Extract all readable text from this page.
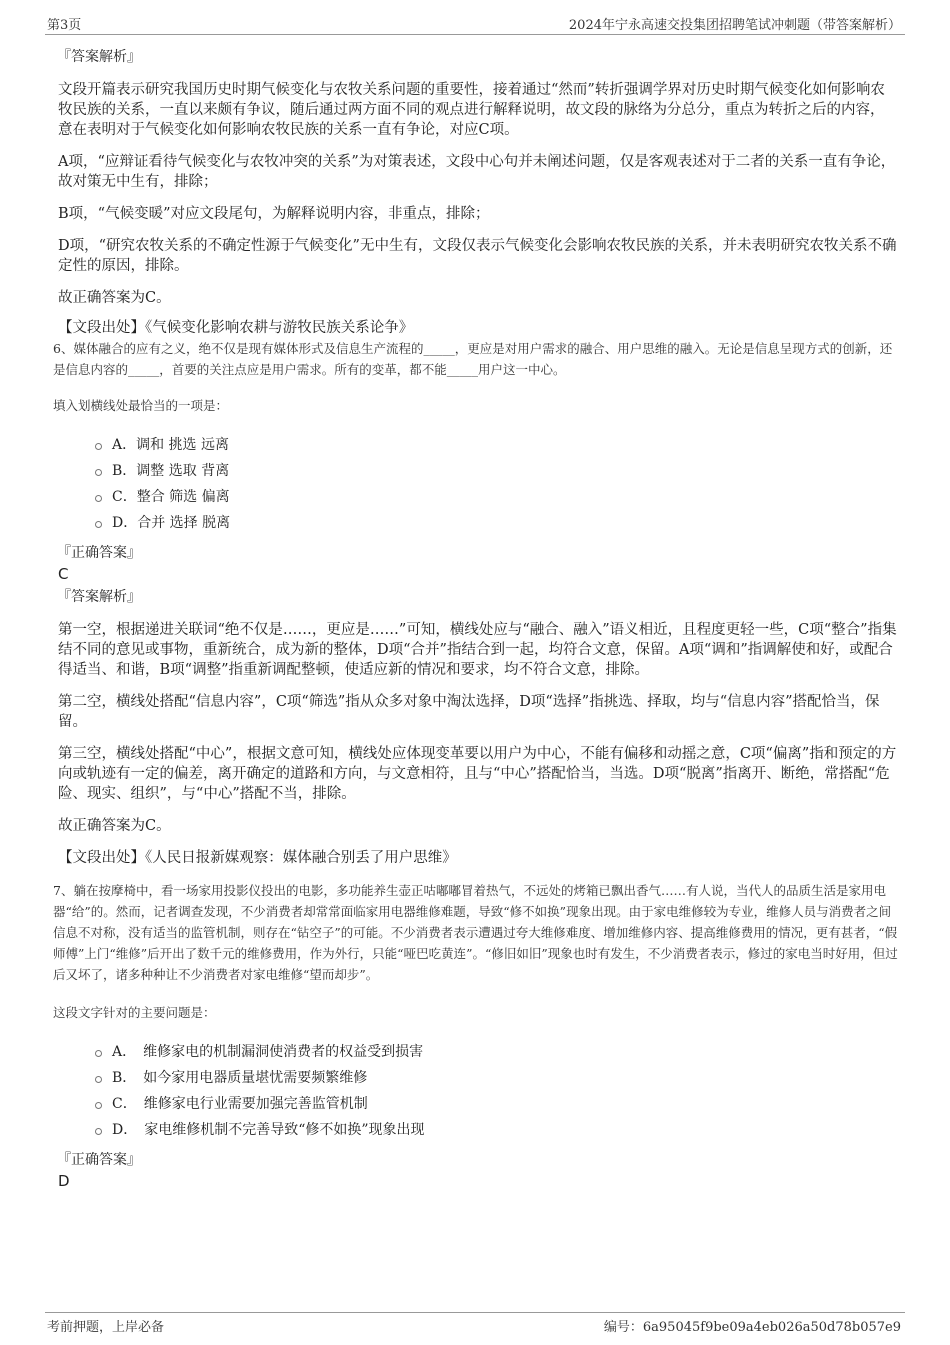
第3页	2024年宁永高速交投集团招聘笔试冲刺题（带答案解析）
『答案解析』

文段开篇表示研究我国历史时期气候变化与农牧关系问题的重要性，接着通过“然而”转折强调学界对历史时期气候变化如何影响农牧民族的关系，一直以来颇有争议，随后通过两方面不同的观点进行解释说明，故文段的脉络为分总分，重点为转折之后的内容，意在表明对于气候变化如何影响农牧民族的关系一直有争论，对应C项。

A项，“应辩证看待气候变化与农牧冲突的关系”为对策表述，文段中心句并未阐述问题，仅是客观表述对于二者的关系一直有争论，故对策无中生有，排除；

B项，“气候变暖”对应文段尾句，为解释说明内容，非重点，排除；

D项，“研究农牧关系的不确定性源于气候变化”无中生有，文段仅表示气候变化会影响农牧民族的关系，并未表明研究农牧关系不确定性的原因，排除。

故正确答案为C。

【文段出处】《气候变化影响农耕与游牧民族关系论争》

6、媒体融合的应有之义，绝不仅是现有媒体形式及信息生产流程的_____，更应是对用户需求的融合、用户思维的融入。无论是信息呈现方式的创新，还是信息内容的_____，首要的关注点应是用户需求。所有的变革，都不能_____用户这一中心。

填入划横线处最恰当的一项是：

A．调和 挑选 远离
B．调整 选取 背离
C．整合 筛选 偏离
D．合并 选择 脱离
『正确答案』
C
『答案解析』

第一空，根据递进关联词“绝不仅是……，更应是……”可知，横线处应与“融合、融入”语义相近，且程度更轻一些，C项“整合”指集结不同的意见或事物，重新统合，成为新的整体，D项“合并”指结合到一起，均符合文意，保留。A项“调和”指调解使和好，或配合得适当、和谐，B项“调整”指重新调配整顿，使适应新的情况和要求，均不符合文意，排除。

第二空，横线处搭配“信息内容”，C项“筛选”指从众多对象中淘汰选择，D项“选择”指挑选、择取，均与“信息内容”搭配恰当，保留。

第三空，横线处搭配“中心”，根据文意可知，横线处应体现变革要以用户为中心，不能有偏移和动摇之意，C项“偏离”指和预定的方向或轨迹有一定的偏差，离开确定的道路和方向，与文意相符，且与“中心”搭配恰当，当选。D项“脱离”指离开、断绝，常搭配“危险、现实、组织”，与“中心”搭配不当，排除。

故正确答案为C。

【文段出处】《人民日报新媒观察：媒体融合别丢了用户思维》

7、躺在按摩椅中，看一场家用投影仪投出的电影，多功能养生壶正咕嘟嘟冒着热气，不远处的烤箱已飘出香气……有人说，当代人的品质生活是家用电器“给”的。然而，记者调查发现，不少消费者却常常面临家用电器维修难题，导致“修不如换”现象出现。由于家电维修较为专业，维修人员与消费者之间信息不对称，没有适当的监管机制，则存在“钻空子”的可能。不少消费者表示遭遇过夸大维修难度、增加维修内容、提高维修费用的情况，更有甚者，“假师傅”上门“维修”后开出了数千元的维修费用，作为外行，只能“哑巴吃黄连”。“修旧如旧”现象也时有发生，不少消费者表示，修过的家电当时好用，但过后又坏了，诸多种种让不少消费者对家电维修“望而却步”。

这段文字针对的主要问题是：

A．　维修家电的机制漏洞使消费者的权益受到损害
B．　如今家用电器质量堪忧需要频繁维修
C．　维修家电行业需要加强完善监管机制
D．　家电维修机制不完善导致“修不如换”现象出现
『正确答案』
D
考前押题，上岸必备	编号：6a95045f9be09a4eb026a50d78b057e9
